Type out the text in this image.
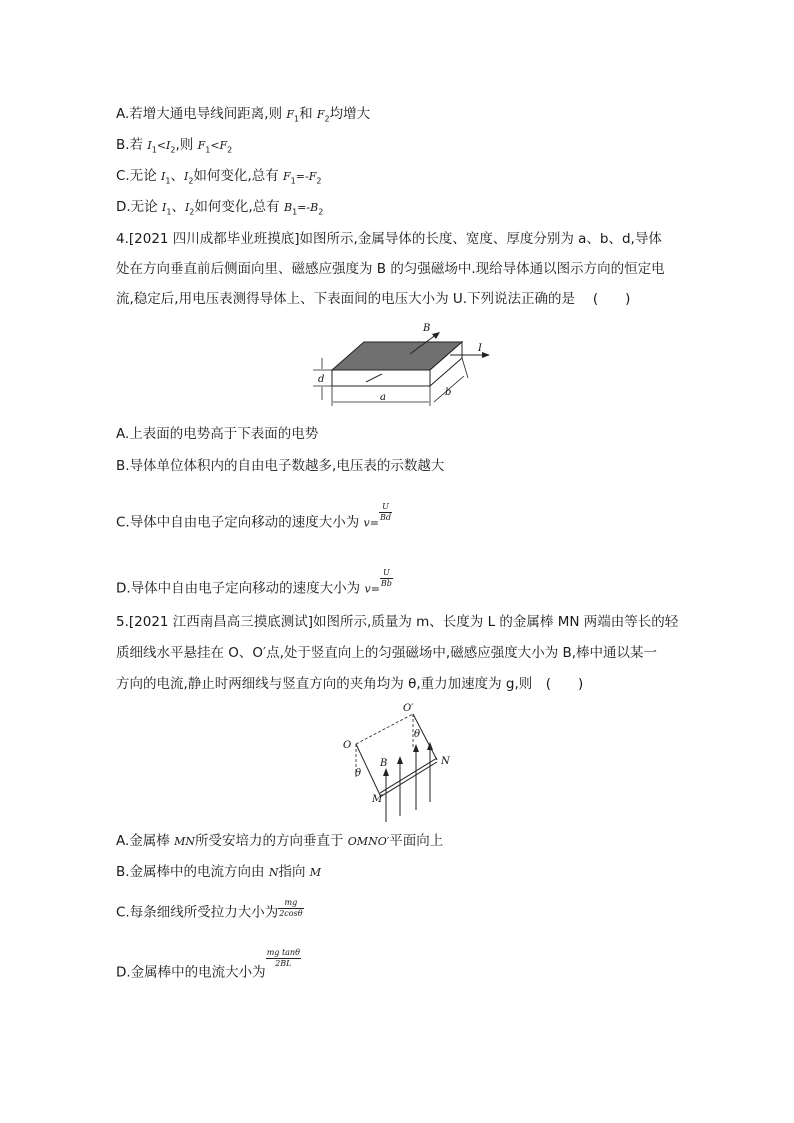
A.若增大通电导线间距离,则 $F_1$和 $F_2$均增大
B.若 $I_1<I_2$,则 $F_1<F_2$
C.无论 $I_1$、$I_2$如何变化,总有 $F_1=-F_2$
D.无论 $I_1$、$I_2$如何变化,总有 $B_1=-B_2$
4.[2021 四川成都毕业班摸底]如图所示,金属导体的长度、宽度、厚度分别为 a、b、d,导体
处在方向垂直前后侧面向里、磁感应强度为 B 的匀强磁场中.现给导体通以图示方向的恒定电
流,稳定后,用电压表测得导体上、下表面间的电压大小为 U.下列说法正确的是　 (　　)
B
I
d
a	b
A.上表面的电势高于下表面的电势
B.导体单位体积内的自由电子数越多,电压表的示数越大
C.导体中自由电子定向移动的速度大小为 $v= \frac{U}{Bd}$
D.导体中自由电子定向移动的速度大小为 $v= \frac{U}{Bb}$
5.[2021 江西南昌高三摸底测试]如图所示,质量为 m、长度为 L 的金属棒 MN 两端由等长的轻
质细线水平悬挂在 O、O′点,处于竖直向上的匀强磁场中,磁感应强度大小为 B,棒中通以某一
方向的电流,静止时两细线与竖直方向的夹角均为 θ,重力加速度为 g,则　(　　)
O
O′
B
M
N
θ
θ
A.金属棒 MN所受安培力的方向垂直于 OMNO′平面向上
B.金属棒中的电流方向由 N指向 M
C.每条细线所受拉力大小为 $\frac{mg}{2\cos\theta}$
D.金属棒中的电流大小为
$\frac{\text{mg tanθ}}{2BL}$
